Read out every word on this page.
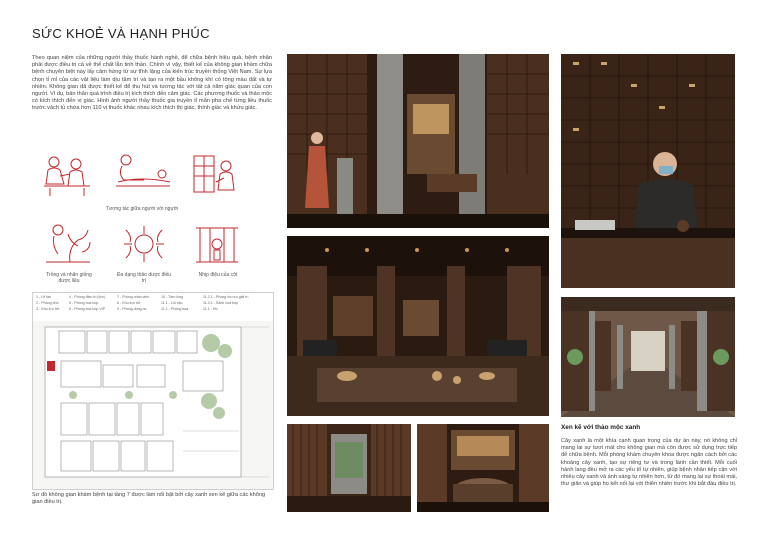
SỨC KHOẺ VÀ HẠNH PHÚC
Theo quan niệm của những người thầy thuốc hành nghề, để chữa bệnh hiệu quả, bệnh nhân phải được điều trị cả về thể chất lẫn tinh thần. Chính vì vậy, thiết kế của không gian khám chữa bệnh chuyên biệt này lấy cảm hứng từ sự tĩnh lặng của kiến trúc truyền thống Việt Nam. Sự lựa chọn tỉ mỉ của các vật liệu làm dịu tâm trí và tạo ra một bầu không khí có tông màu đất và tự nhiên. Không gian đã được thiết kế để thu hút và tương tác với tất cả năm giác quan của con người. Ví dụ, bản thân quá trình điều trị kích thích đến cảm giác. Các phương thuốc và thảo mộc có kích thích đến vị giác. Hình ảnh người thầy thuốc gia truyền tỉ mẩn pha chế từng liều thuốc trước vách tủ chứa hơn 110 vị thuốc khác nhau kích thích thị giác, thính giác và khứu giác.
Tương tác giữa người với người
Trồng và nhân giống dược liệu
Đa dạng thảo dược điều trị
Nhịp điệu của cột
1 - Lễ tân
2 - Phòng chờ
3 - Khu lưu trữ
4 - Phòng điều trị (lớn)
5 - Phòng xoa bóp
6 - Phòng xoa bóp VIP
7 - Phòng nhân viên
8 - Khu lưu trữ
9 - Phòng dùng nc
10 - Tầm lồng
11.1 - Lối vào
11.1 - Phòng hoạ
11.2.1 - Phòng lưu trú giải trí
11.3.1 - Sảnh xoa bóp
11.1 - Hồ
Sơ đồ không gian khám bệnh tại tầng 7 được làm nổi bật bởi cây xanh xen kẽ giữa các không gian điều trị.
Xen kẽ với thảo mộc xanh
Cây xanh là một khía cạnh quan trọng của dự án này, nó không chỉ mang lại sự tươi mát cho không gian mà còn được sử dụng trực tiếp để chữa bệnh. Mỗi phòng khám chuyên khoa được ngăn cách bởi các khoảng cây xanh, tạo sự riêng tư và trong lành cần thiết. Mỗi cuối hành lang đều mở ra các yếu tố tự nhiên, giúp bệnh nhân tiếp cận với nhiều cây xanh và ánh sáng tự nhiên hơn, từ đó mang lại sự thoải mái, thư giãn và giúp họ kết nối lại với thiên nhiên trước khi bắt đầu điều trị.
